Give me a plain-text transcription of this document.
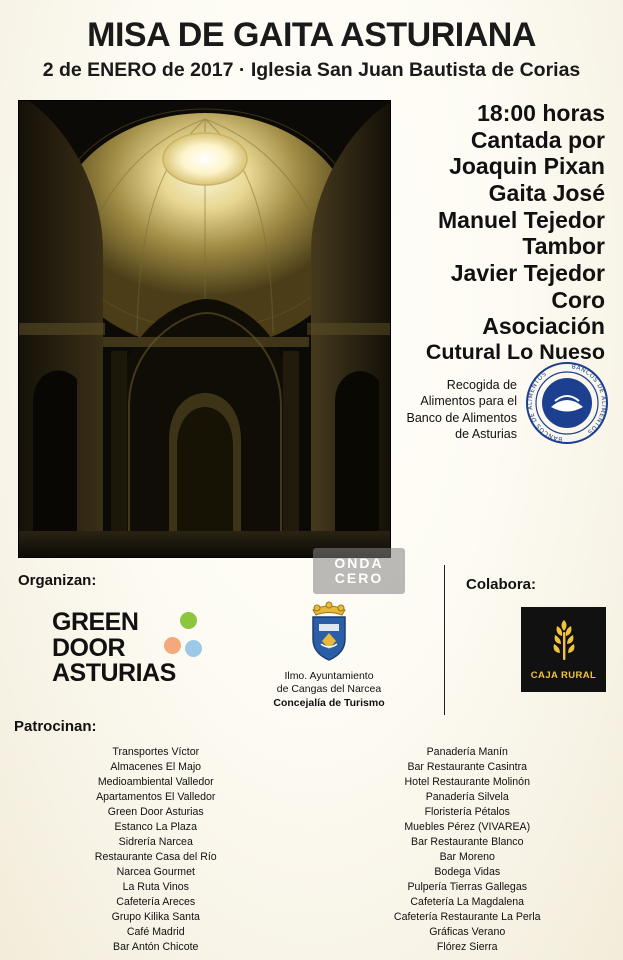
MISA DE GAITA ASTURIANA
2 de ENERO de 2017 · Iglesia San Juan Bautista de Corias
18:00 horas
Cantada por
Joaquin Pixan
Gaita José
Manuel Tejedor
Tambor
Javier Tejedor
Coro
Asociación
Cutural Lo Nueso
Recogida de
Alimentos para el
Banco de Alimentos
de Asturias
BANCOS DE ALIMENTOS
BANCOS DE ALIMENTOS
ONDA
CERO
Organizan:	Colabora:
GREEN
DOOR
ASTURIAS	Ilmo. Ayuntamiento
de Cangas del Narcea
Concejalía de Turismo
CAJA RURAL
Patrocinan:
Transportes Víctor
Almacenes El Majo
Medioambiental Valledor
Apartamentos El Valledor
Green Door Asturias
Estanco La Plaza
Sidrería Narcea
Restaurante Casa del Río
Narcea Gourmet
La Ruta Vinos
Cafetería Areces
Grupo Kilika Santa
Café Madrid
Bar Antón Chicote
Panadería Manín
Bar Restaurante Casintra
Hotel Restaurante Molinón
Panadería Silvela
Floristería Pétalos
Muebles Pérez (VIVAREA)
Bar Restaurante Blanco
Bar Moreno
Bodega Vidas
Pulpería Tierras Gallegas
Cafetería La Magdalena
Cafetería Restaurante La Perla
Gráficas Verano
Flórez Sierra
